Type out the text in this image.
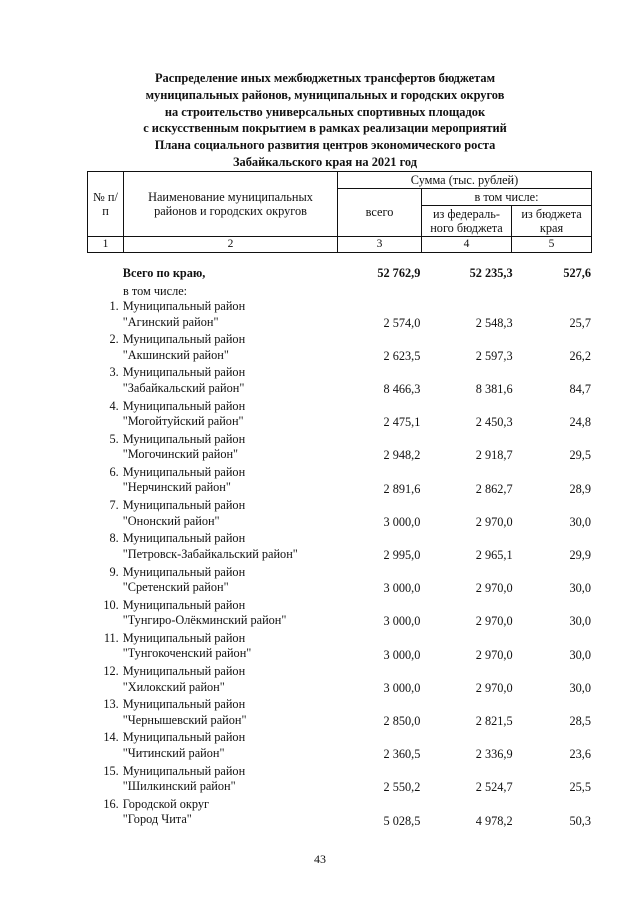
Распределение иных межбюджетных трансфертов бюджетам
муниципальных районов, муниципальных и городских округов
на строительство универсальных спортивных площадок
с искусственным покрытием в рамках реализации мероприятий
Плана социального развития центров экономического роста
Забайкальского края на 2021 год
№ п/п	Наименование муниципальных районов и городских округов	Сумма (тыс. рублей)		
		всего	в том числе:	
			из федераль-ного бюджета	из бюджета края
1	2	3	4	5
Всего по краю,	52 762,9	52 235,3	527,6
в том числе:
1. Муниципальный район
"Агинский район"	2 574,0	2 548,3	25,7
2. Муниципальный район
"Акшинский район"	2 623,5	2 597,3	26,2
3. Муниципальный район
"Забайкальский район"	8 466,3	8 381,6	84,7
4. Муниципальный район
"Могойтуйский район"	2 475,1	2 450,3	24,8
5. Муниципальный район
"Могочинский район"	2 948,2	2 918,7	29,5
6. Муниципальный район
"Нерчинский район"	2 891,6	2 862,7	28,9
7. Муниципальный район
"Ононский район"	3 000,0	2 970,0	30,0
8. Муниципальный район
"Петровск-Забайкальский район"	2 995,0	2 965,1	29,9
9. Муниципальный район
"Сретенский район"	3 000,0	2 970,0	30,0
10. Муниципальный район
"Тунгиро-Олёкминский район"	3 000,0	2 970,0	30,0
11. Муниципальный район
"Тунгокоченский район"	3 000,0	2 970,0	30,0
12. Муниципальный район
"Хилокский район"	3 000,0	2 970,0	30,0
13. Муниципальный район
"Чернышевский район"	2 850,0	2 821,5	28,5
14. Муниципальный район
"Читинский район"	2 360,5	2 336,9	23,6
15. Муниципальный район
"Шилкинский район"	2 550,2	2 524,7	25,5
16. Городской округ
"Город Чита"	5 028,5	4 978,2	50,3
43
